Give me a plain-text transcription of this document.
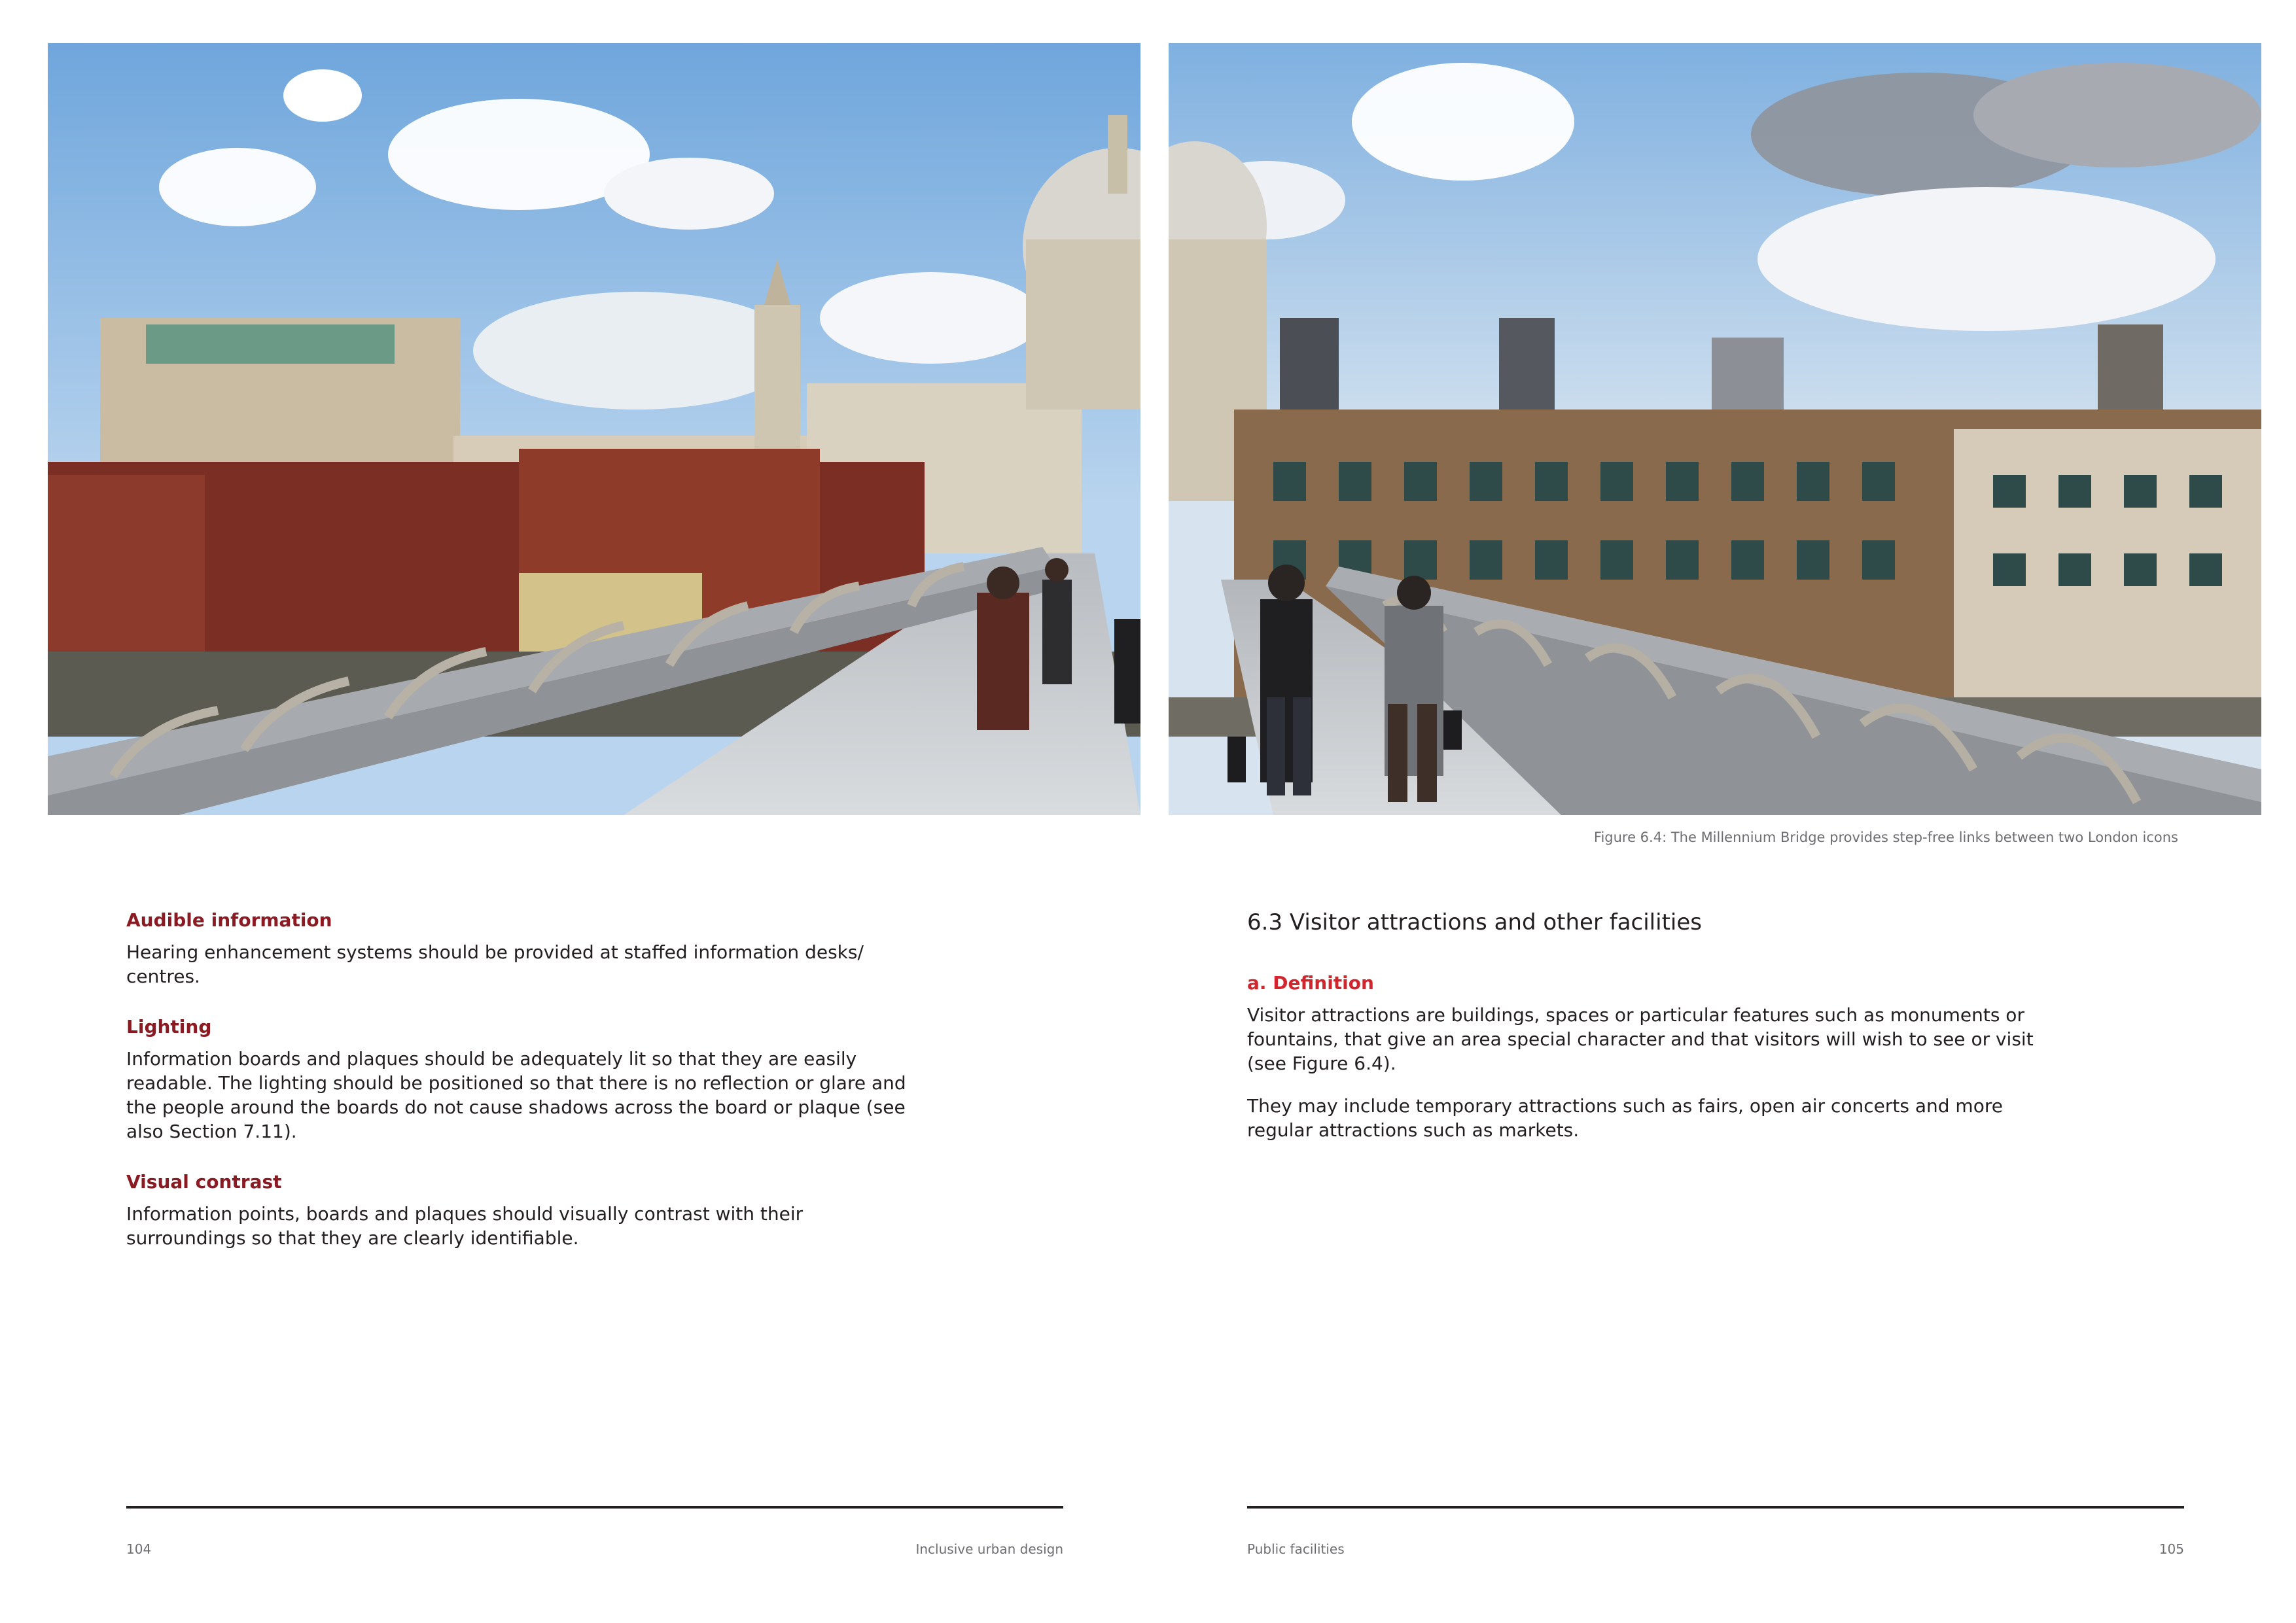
Figure 6.4: The Millennium Bridge provides step-free links between two London icons
Audible information

Hearing enhancement systems should be provided at staffed information desks/ centres.

Lighting

Information boards and plaques should be adequately lit so that they are easily readable. The lighting should be positioned so that there is no reflection or glare and the people around the boards do not cause shadows across the board or plaque (see also Section 7.11).

Visual contrast

Information points, boards and plaques should visually contrast with their surroundings so that they are clearly identifiable.

6.3 Visitor attractions and other facilities
a. Definition

Visitor attractions are buildings, spaces or particular features such as monuments or fountains, that give an area special character and that visitors will wish to see or visit (see Figure 6.4).

They may include temporary attractions such as fairs, open air concerts and more regular attractions such as markets.

104	Inclusive urban design	Public facilities	105
